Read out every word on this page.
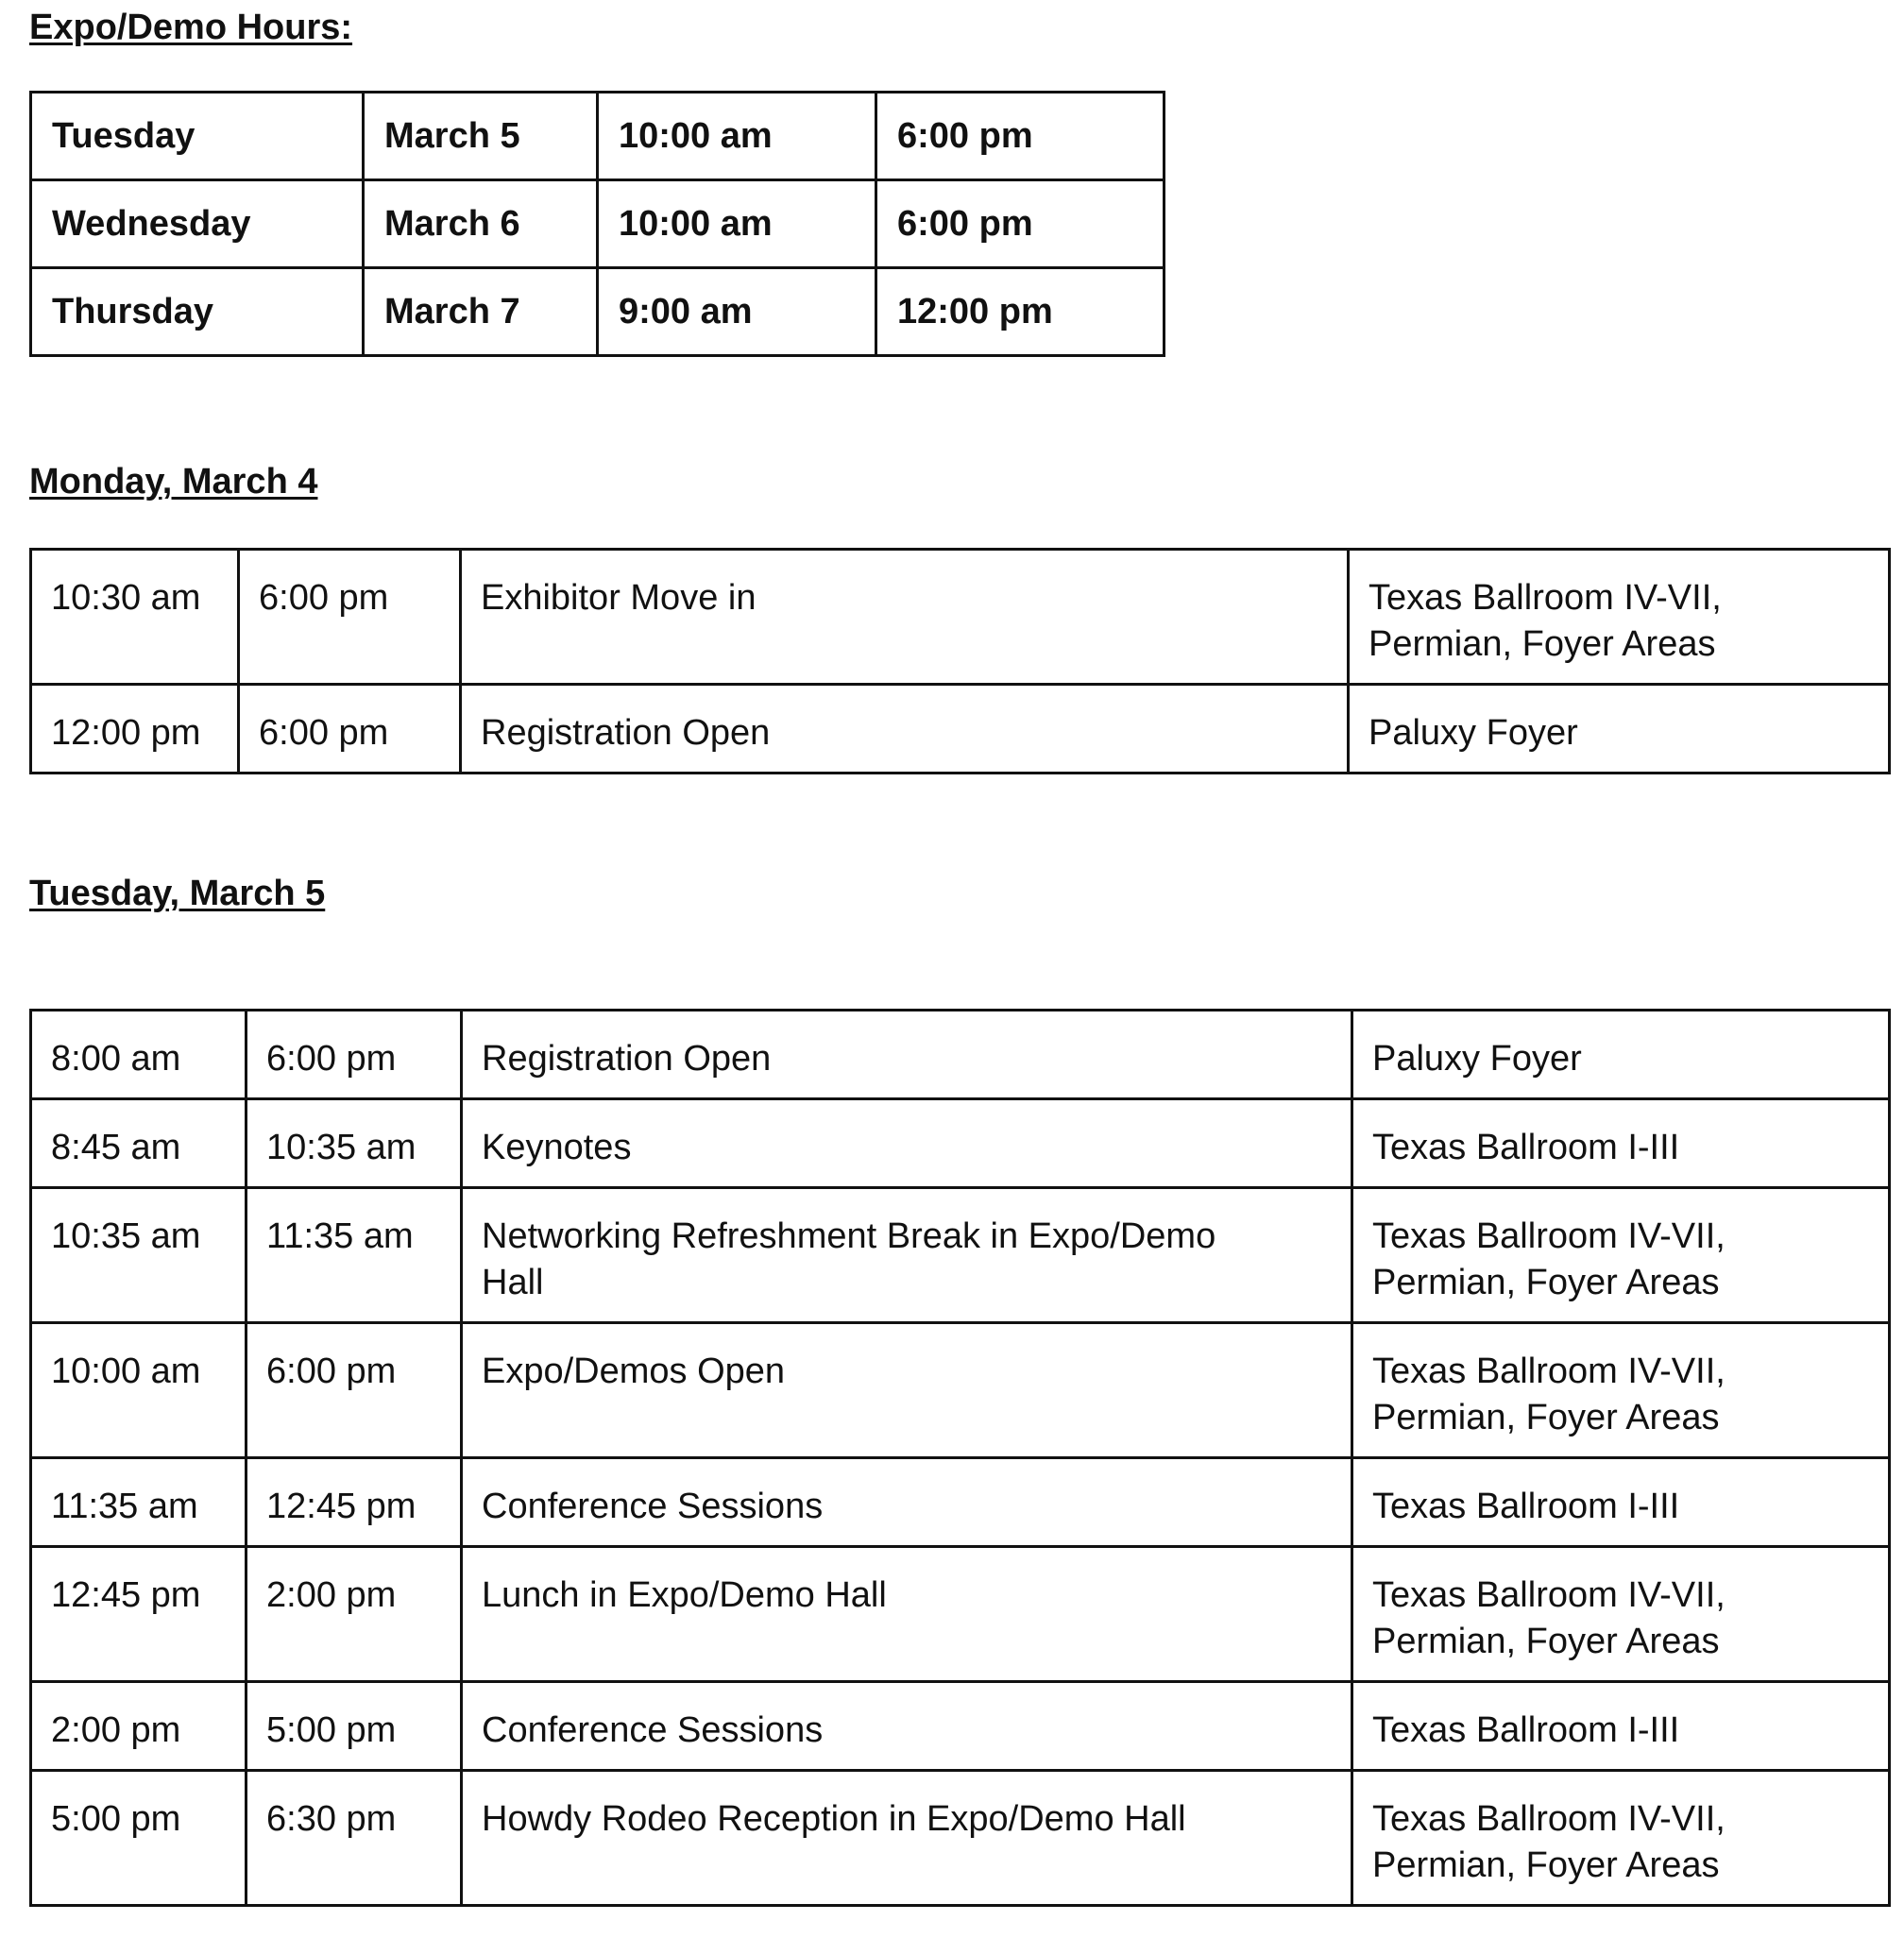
Expo/Demo Hours:
Tuesday	March 5	10:00 am	6:00 pm
Wednesday	March 6	10:00 am	6:00 pm
Thursday	March 7	9:00 am	12:00 pm
Monday, March 4
10:30 am	6:00 pm	Exhibitor Move in	Texas Ballroom IV-VII,
Permian, Foyer Areas

12:00 pm	6:00 pm	Registration Open	Paluxy Foyer
Tuesday, March 5
8:00 am	6:00 pm	Registration Open	Paluxy Foyer

8:45 am	10:35 am	Keynotes	Texas Ballroom I-III

10:35 am	11:35 am	Networking Refreshment Break in Expo/Demo
Hall	Texas Ballroom IV-VII,
Permian, Foyer Areas

10:00 am	6:00 pm	Expo/Demos Open	Texas Ballroom IV-VII,
Permian, Foyer Areas

11:35 am	12:45 pm	Conference Sessions	Texas Ballroom I-III

12:45 pm	2:00 pm	Lunch in Expo/Demo Hall	Texas Ballroom IV-VII,
Permian, Foyer Areas

2:00 pm	5:00 pm	Conference Sessions	Texas Ballroom I-III

5:00 pm	6:30 pm	Howdy Rodeo Reception in Expo/Demo Hall	Texas Ballroom IV-VII,
Permian, Foyer Areas
